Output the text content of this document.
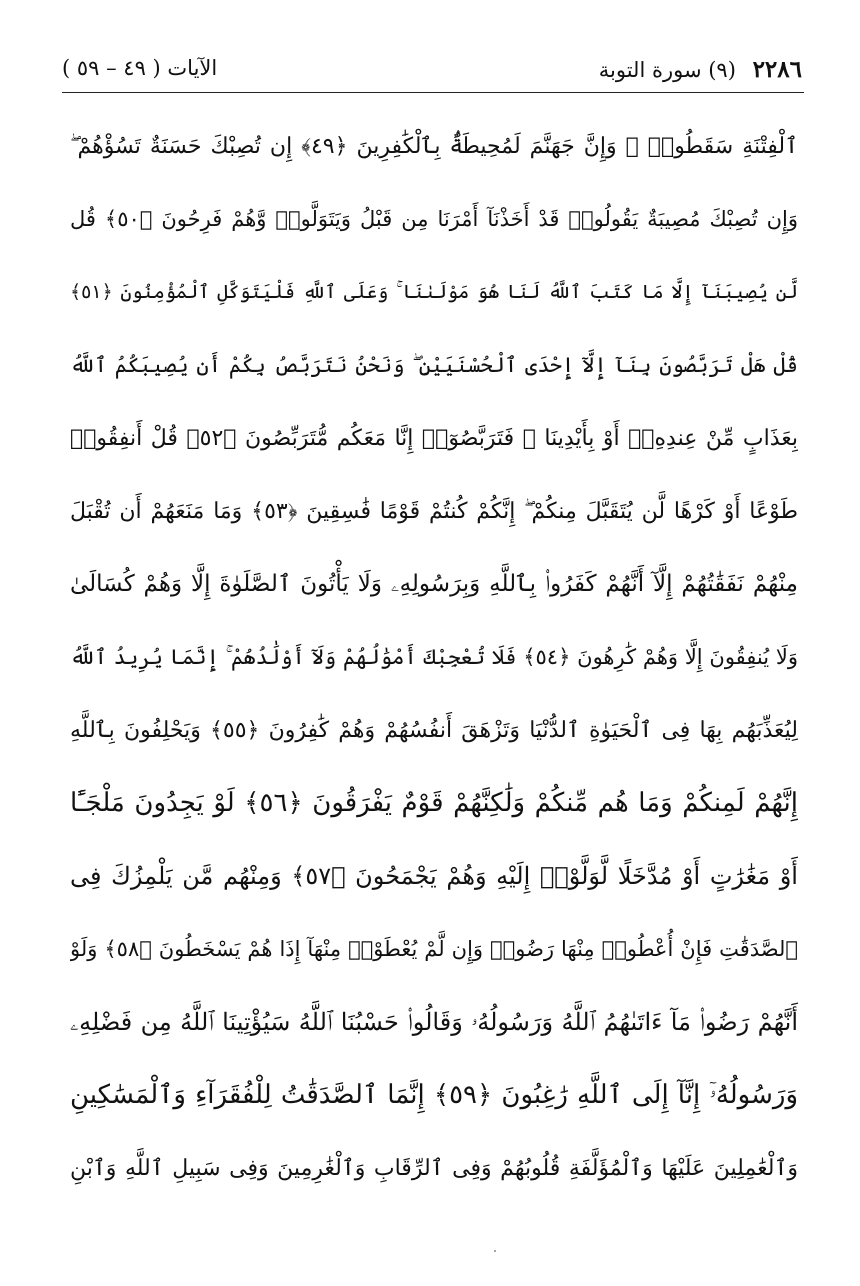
٢٢٨٦ (٩) سورة التوبة
الآيات ( ٤٩ – ٥٩ )
ٱلْفِتْنَةِ سَقَطُوا۟ ۗ وَإِنَّ جَهَنَّمَ لَمُحِيطَةٌۢ بِٱلْكَٰفِرِينَ ﴿٤٩﴾ إِن تُصِبْكَ حَسَنَةٌ تَسُؤْهُمْ ۖ
وَإِن تُصِبْكَ مُصِيبَةٌ يَقُولُوا۟ قَدْ أَخَذْنَآ أَمْرَنَا مِن قَبْلُ وَيَتَوَلَّوا۟ وَّهُمْ فَرِحُونَ ﴿٥٠﴾ قُل
لَّن يُصِيبَنَآ إِلَّا مَا كَتَبَ ٱللَّهُ لَنَا هُوَ مَوْلَىٰنَا ۚ وَعَلَى ٱللَّهِ فَلْيَتَوَكَّلِ ٱلْمُؤْمِنُونَ ﴿٥١﴾
قُلْ هَلْ تَرَبَّصُونَ بِنَآ إِلَّآ إِحْدَى ٱلْحُسْنَيَيْنِ ۖ وَنَحْنُ نَتَرَبَّصُ بِكُمْ أَن يُصِيبَكُمُ ٱللَّهُ
بِعَذَابٍ مِّنْ عِندِهِۦٓ أَوْ بِأَيْدِينَا ۖ فَتَرَبَّصُوٓا۟ إِنَّا مَعَكُم مُّتَرَبِّصُونَ ﴿٥٢﴾ قُلْ أَنفِقُوا۟
طَوْعًا أَوْ كَرْهًا لَّن يُتَقَبَّلَ مِنكُمْ ۖ إِنَّكُمْ كُنتُمْ قَوْمًا فَٰسِقِينَ ﴿٥٣﴾ وَمَا مَنَعَهُمْ أَن تُقْبَلَ
مِنْهُمْ نَفَقَٰتُهُمْ إِلَّآ أَنَّهُمْ كَفَرُوا۟ بِٱللَّهِ وَبِرَسُولِهِۦ وَلَا يَأْتُونَ ٱلصَّلَوٰةَ إِلَّا وَهُمْ كُسَالَىٰ
وَلَا يُنفِقُونَ إِلَّا وَهُمْ كَٰرِهُونَ ﴿٥٤﴾ فَلَا تُعْجِبْكَ أَمْوَٰلُهُمْ وَلَآ أَوْلَٰدُهُمْ ۚ إِنَّمَا يُرِيدُ ٱللَّهُ
لِيُعَذِّبَهُم بِهَا فِى ٱلْحَيَوٰةِ ٱلدُّنْيَا وَتَزْهَقَ أَنفُسُهُمْ وَهُمْ كَٰفِرُونَ ﴿٥٥﴾ وَيَحْلِفُونَ بِٱللَّهِ
إِنَّهُمْ لَمِنكُمْ وَمَا هُم مِّنكُمْ وَلَٰكِنَّهُمْ قَوْمٌ يَفْرَقُونَ ﴿٥٦﴾ لَوْ يَجِدُونَ مَلْجَـًٔا
أَوْ مَغَٰرَٰتٍ أَوْ مُدَّخَلًا لَّوَلَّوْا۟ إِلَيْهِ وَهُمْ يَجْمَحُونَ ﴿٥٧﴾ وَمِنْهُم مَّن يَلْمِزُكَ فِى
ٱلصَّدَقَٰتِ فَإِنْ أُعْطُوا۟ مِنْهَا رَضُوا۟ وَإِن لَّمْ يُعْطَوْا۟ مِنْهَآ إِذَا هُمْ يَسْخَطُونَ ﴿٥٨﴾ وَلَوْ
أَنَّهُمْ رَضُوا۟ مَآ ءَاتَىٰهُمُ ٱللَّهُ وَرَسُولُهُۥ وَقَالُوا۟ حَسْبُنَا ٱللَّهُ سَيُؤْتِينَا ٱللَّهُ مِن فَضْلِهِۦ
وَرَسُولُهُۥٓ إِنَّآ إِلَى ٱللَّهِ رَٰغِبُونَ ﴿٥٩﴾ إِنَّمَا ٱلصَّدَقَٰتُ لِلْفُقَرَآءِ وَٱلْمَسَٰكِينِ
وَٱلْعَٰمِلِينَ عَلَيْهَا وَٱلْمُؤَلَّفَةِ قُلُوبُهُمْ وَفِى ٱلرِّقَابِ وَٱلْغَٰرِمِينَ وَفِى سَبِيلِ ٱللَّهِ وَٱبْنِ
